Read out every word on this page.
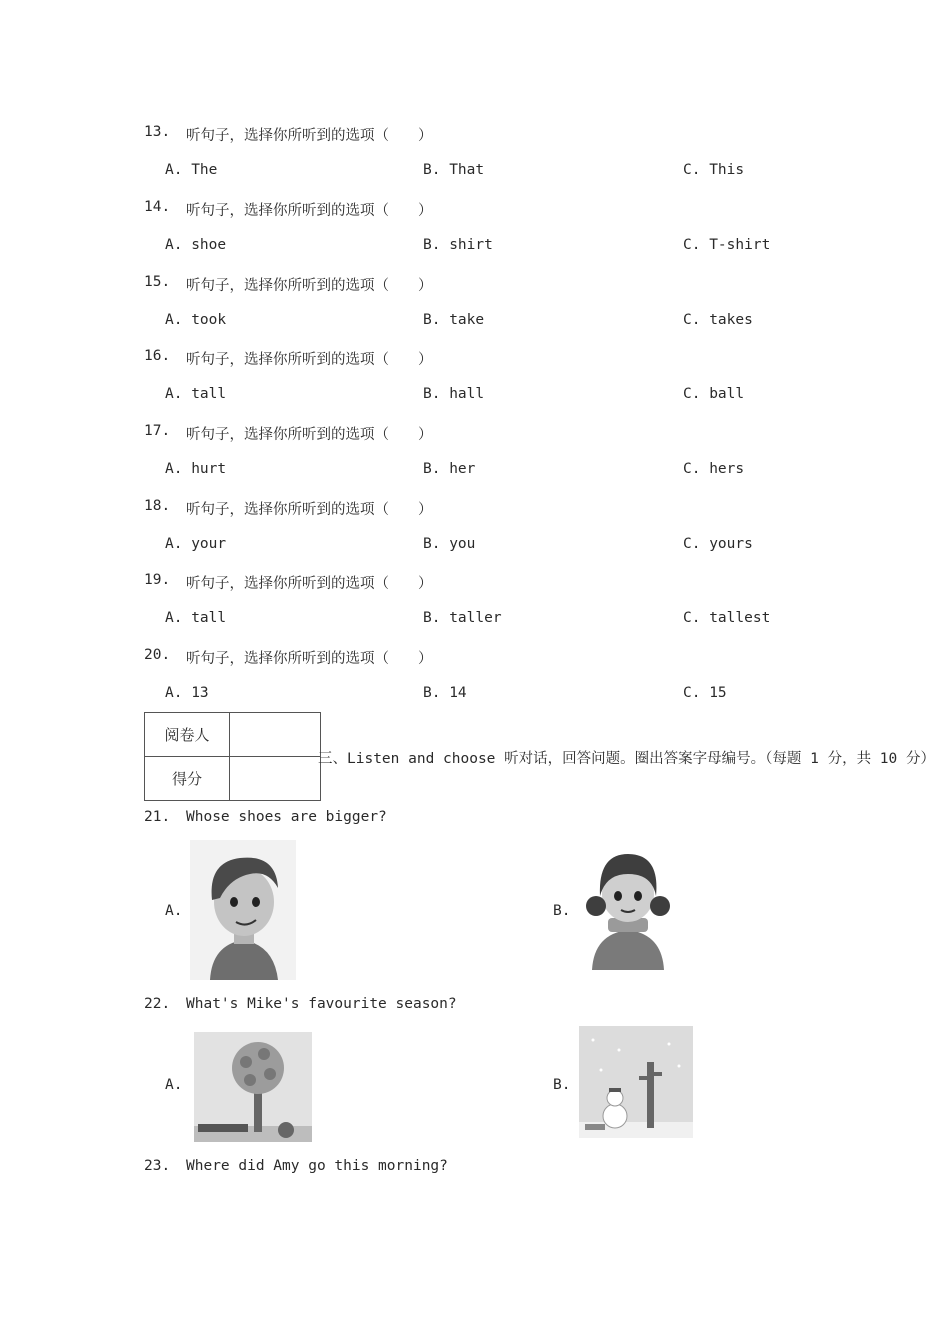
13. 听句子，选择你所听到的选项（　　）
A. The	B. That	C. This
14. 听句子，选择你所听到的选项（　　）
A. shoe	B. shirt	C. T-shirt
15. 听句子，选择你所听到的选项（　　）
A. took	B. take	C. takes
16. 听句子，选择你所听到的选项（　　）
A. tall	B. hall	C. ball
17. 听句子，选择你所听到的选项（　　）
A. hurt	B. her	C. hers
18. 听句子，选择你所听到的选项（　　）
A. your	B. you	C. yours
19. 听句子，选择你所听到的选项（　　）
A. tall	B. taller	C. tallest
20. 听句子，选择你所听到的选项（　　）
A. 13	B. 14	C. 15
阅卷人	
得分	
三、Listen and choose 听对话，回答问题。圈出答案字母编号。（每题 1 分，共 10 分）
21. Whose shoes are bigger?
A.	B.
22. What's Mike's favourite season?
A.	B.
23. Where did Amy go this morning?
